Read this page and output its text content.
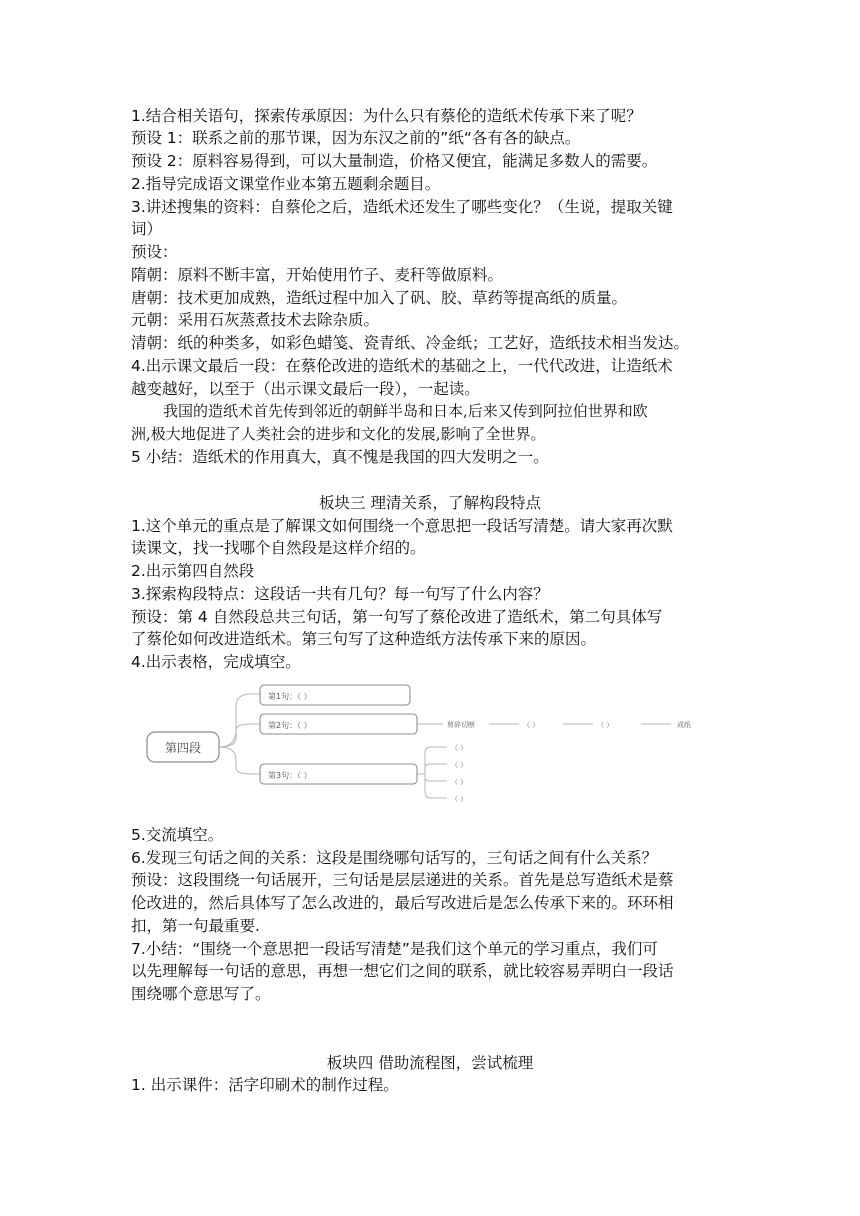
1.结合相关语句，探索传承原因：为什么只有蔡伦的造纸术传承下来了呢？
预设 1：联系之前的那节课，因为东汉之前的”纸“各有各的缺点。
预设 2：原料容易得到，可以大量制造，价格又便宜，能满足多数人的需要。
2.指导完成语文课堂作业本第五题剩余题目。
3.讲述搜集的资料：自蔡伦之后，造纸术还发生了哪些变化？（生说，提取关键
词）
预设：
隋朝：原料不断丰富，开始使用竹子、麦秆等做原料。
唐朝：技术更加成熟，造纸过程中加入了矾、胶、草药等提高纸的质量。
元朝：采用石灰蒸煮技术去除杂质。
清朝：纸的种类多，如彩色蜡笺、瓷青纸、冷金纸；工艺好，造纸技术相当发达。
4.出示课文最后一段：在蔡伦改进的造纸术的基础之上，一代代改进，让造纸术
越变越好，以至于（出示课文最后一段），一起读。
我国的造纸术首先传到邻近的朝鲜半岛和日本,后来又传到阿拉伯世界和欧
洲,极大地促进了人类社会的进步和文化的发展,影响了全世界。
5 小结：造纸术的作用真大，真不愧是我国的四大发明之一。
板块三 理清关系，了解构段特点
1.这个单元的重点是了解课文如何围绕一个意思把一段话写清楚。请大家再次默
读课文，找一找哪个自然段是这样介绍的。
2.出示第四自然段
3.探索构段特点：这段话一共有几句？每一句写了什么内容？
预设：第 4 自然段总共三句话，第一句写了蔡伦改进了造纸术，第二句具体写
了蔡伦如何改进造纸术。第三句写了这种造纸方法传承下来的原因。
4.出示表格，完成填空。
第四段
第1句：（ ）
第2句：（ ）
第3句：（ ）
剪碎切断	（ ）	（ ）	成纸
（ ）
（ ）
（ ）
（ ）
5.交流填空。
6.发现三句话之间的关系：这段是围绕哪句话写的，三句话之间有什么关系？
预设：这段围绕一句话展开，三句话是层层递进的关系。首先是总写造纸术是蔡
伦改进的，然后具体写了怎么改进的，最后写改进后是怎么传承下来的。环环相
扣，第一句最重要.
7.小结：“围绕一个意思把一段话写清楚”是我们这个单元的学习重点，我们可
以先理解每一句话的意思，再想一想它们之间的联系，就比较容易弄明白一段话
围绕哪个意思写了。
板块四 借助流程图，尝试梳理
1. 出示课件：活字印刷术的制作过程。
